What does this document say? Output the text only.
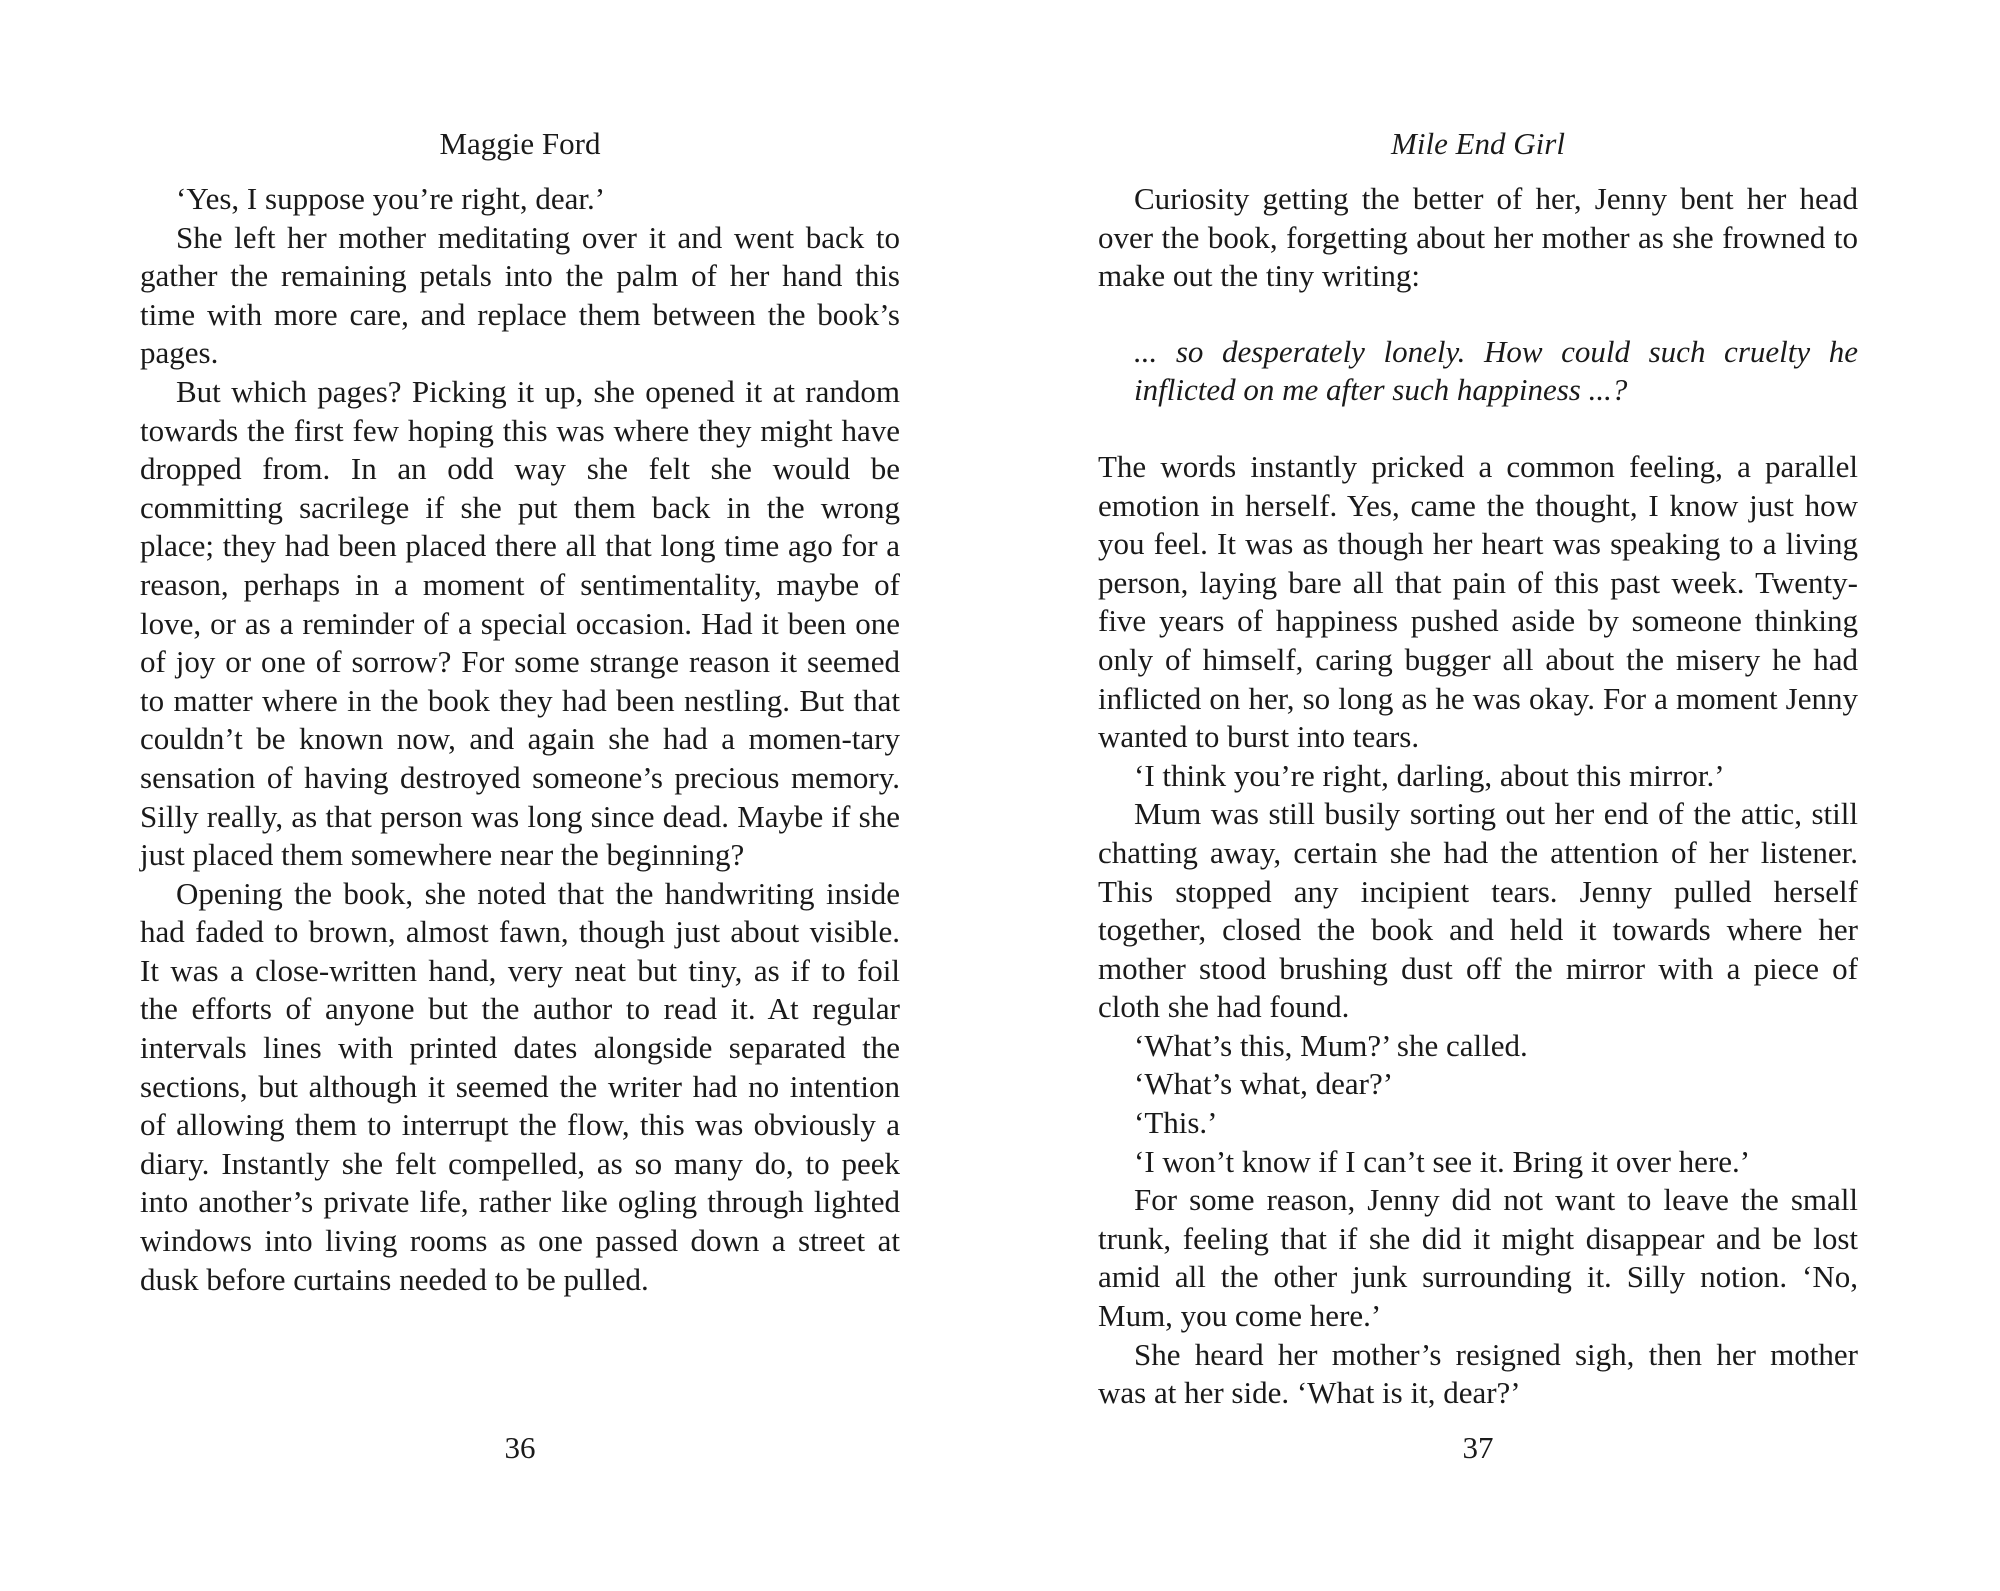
Maggie Ford

‘Yes, I suppose you’re right, dear.’

She left her mother meditating over it and went back to gather the remaining petals into the palm of her hand this time with more care, and replace them between the book’s pages.

But which pages? Picking it up, she opened it at random towards the first few hoping this was where they might have dropped from. In an odd way she felt she would be committing sacrilege if she put them back in the wrong place; they had been placed there all that long time ago for a reason, perhaps in a moment of sentimentality, maybe of love, or as a reminder of a special occasion. Had it been one of joy or one of sorrow? For some strange reason it seemed to matter where in the book they had been nestling. But that couldn’t be known now, and again she had a momen-tary sensation of having destroyed someone’s precious memory. Silly really, as that person was long since dead. Maybe if she just placed them somewhere near the beginning?

Opening the book, she noted that the handwriting inside had faded to brown, almost fawn, though just about visible. It was a close-written hand, very neat but tiny, as if to foil the efforts of anyone but the author to read it. At regular intervals lines with printed dates alongside separated the sections, but although it seemed the writer had no intention of allowing them to interrupt the flow, this was obviously a diary. Instantly she felt compelled, as so many do, to peek into another’s private life, rather like ogling through lighted windows into living rooms as one passed down a street at dusk before curtains needed to be pulled.

36
Mile End Girl

Curiosity getting the better of her, Jenny bent her head over the book, forgetting about her mother as she frowned to make out the tiny writing:

... so desperately lonely. How could such cruelty he inflicted on me after such happiness ...?

The words instantly pricked a common feeling, a parallel emotion in herself. Yes, came the thought, I know just how you feel. It was as though her heart was speaking to a living person, laying bare all that pain of this past week. Twenty-five years of happiness pushed aside by someone thinking only of himself, caring bugger all about the misery he had inflicted on her, so long as he was okay. For a moment Jenny wanted to burst into tears.

‘I think you’re right, darling, about this mirror.’

Mum was still busily sorting out her end of the attic, still chatting away, certain she had the attention of her listener. This stopped any incipient tears. Jenny pulled herself together, closed the book and held it towards where her mother stood brushing dust off the mirror with a piece of cloth she had found.

‘What’s this, Mum?’ she called.

‘What’s what, dear?’

‘This.’

‘I won’t know if I can’t see it. Bring it over here.’

For some reason, Jenny did not want to leave the small trunk, feeling that if she did it might disappear and be lost amid all the other junk surrounding it. Silly notion. ‘No, Mum, you come here.’

She heard her mother’s resigned sigh, then her mother was at her side. ‘What is it, dear?’

37
